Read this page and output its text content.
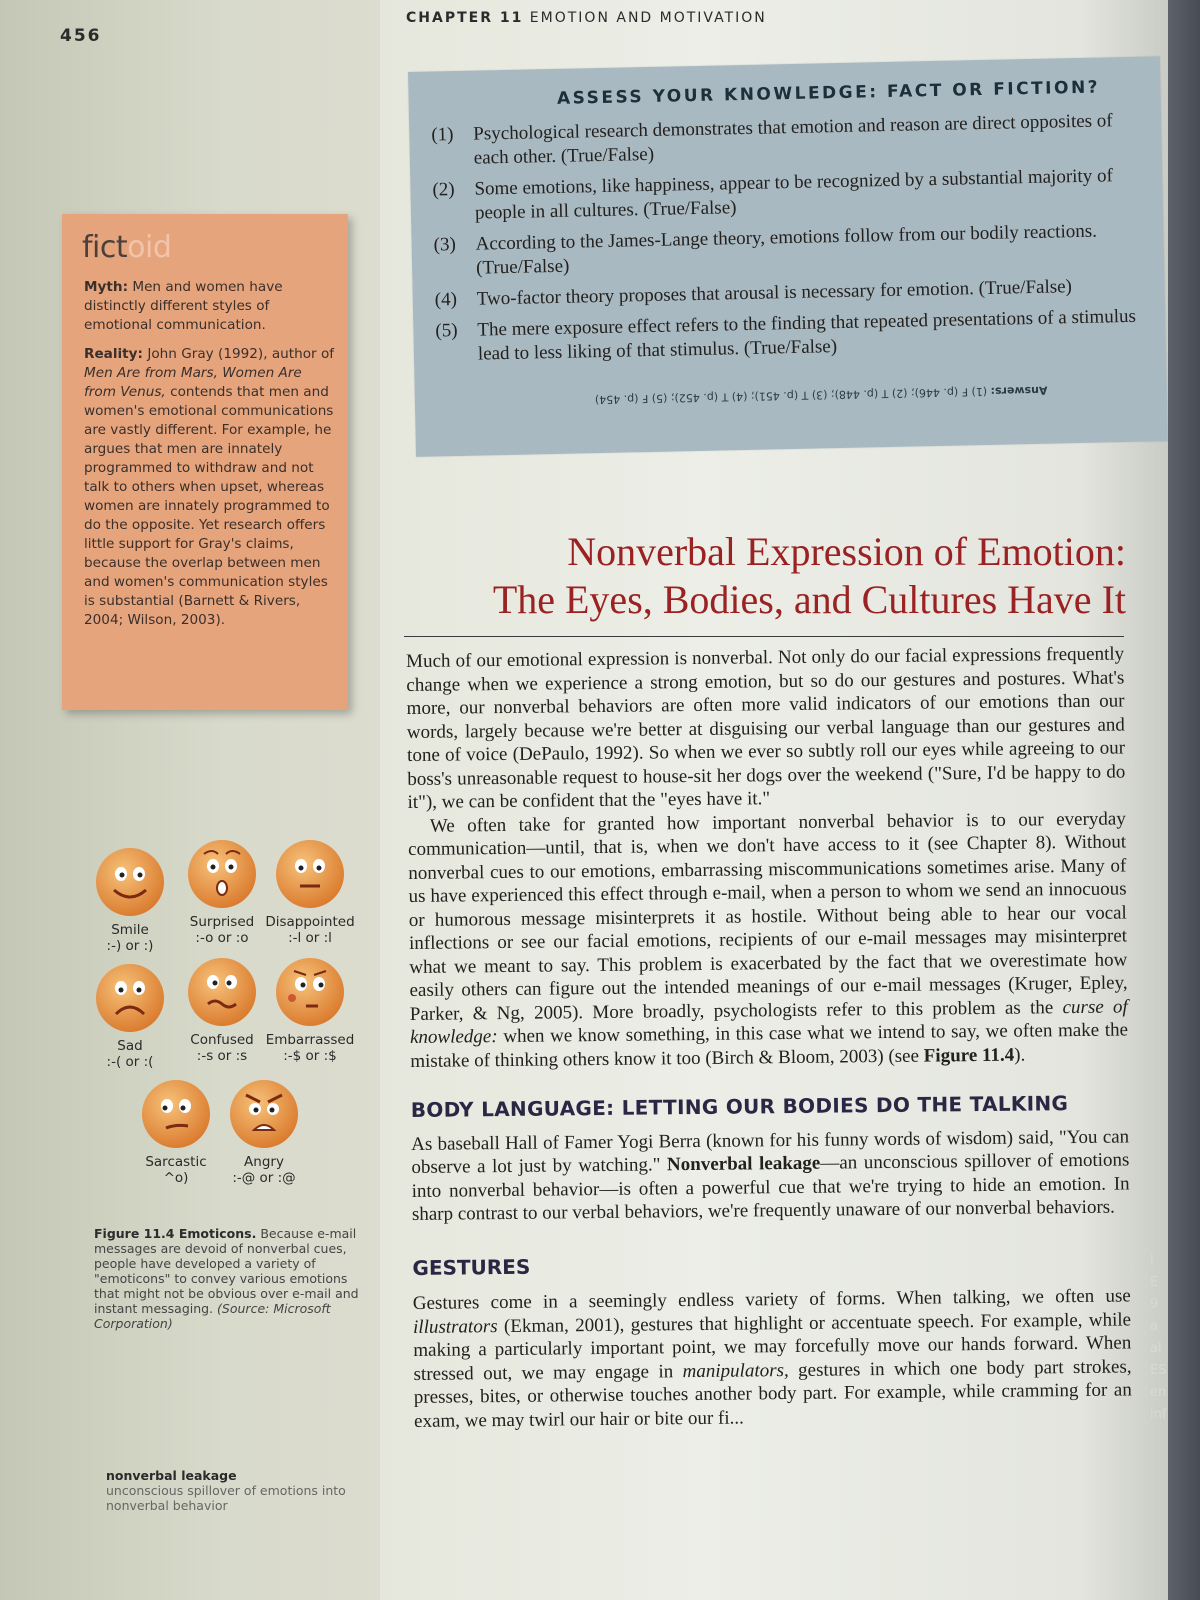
456
CHAPTER 11 EMOTION AND MOTIVATION
ASSESS YOUR KNOWLEDGE: FACT OR FICTION?
(1) Psychological research demonstrates that emotion and reason are direct opposites of each other. (True/False)
(2) Some emotions, like happiness, appear to be recognized by a substantial majority of people in all cultures. (True/False)
(3) According to the James-Lange theory, emotions follow from our bodily reactions. (True/False)
(4) Two-factor theory proposes that arousal is necessary for emotion. (True/False)
(5) The mere exposure effect refers to the finding that repeated presentations of a stimulus lead to less liking of that stimulus. (True/False)
Answers: (1) F (p. 446); (2) T (p. 448); (3) T (p. 451); (4) T (p. 452); (5) F (p. 454)
fictoid

Myth: Men and women have distinctly different styles of emotional communication.

Reality: John Gray (1992), author of Men Are from Mars, Women Are from Venus, contends that men and women's emotional communications are vastly different. For example, he argues that men are innately programmed to withdraw and not talk to others when upset, whereas women are innately programmed to do the opposite. Yet research offers little support for Gray's claims, because the overlap between men and women's communication styles is substantial (Barnett & Rivers, 2004; Wilson, 2003).

Smile
:-) or :)
Surprised
:-o or :o
Disappointed
:-l or :l
Sad
:-( or :(
Confused
:-s or :s
Embarrassed
:-$ or :$
Sarcastic
^o)
Angry
:-@ or :@
Figure 11.4 Emoticons. Because e-mail messages are devoid of nonverbal cues, people have developed a variety of "emoticons" to convey various emotions that might not be obvious over e-mail and instant messaging. (Source: Microsoft Corporation)
nonverbal leakage
unconscious spillover of emotions into nonverbal behavior
Nonverbal Expression of Emotion:
The Eyes, Bodies, and Cultures Have It

Much of our emotional expression is nonverbal. Not only do our facial expressions frequently change when we experience a strong emotion, but so do our gestures and postures. What's more, our nonverbal behaviors are often more valid indicators of our emotions than our words, largely because we're better at disguising our verbal language than our gestures and tone of voice (DePaulo, 1992). So when we ever so subtly roll our eyes while agreeing to our boss's unreasonable request to house-sit her dogs over the weekend ("Sure, I'd be happy to do it"), we can be confident that the "eyes have it."

We often take for granted how important nonverbal behavior is to our everyday communication—until, that is, when we don't have access to it (see Chapter 8). Without nonverbal cues to our emotions, embarrassing miscommunications sometimes arise. Many of us have experienced this effect through e-mail, when a person to whom we send an innocuous or humorous message misinterprets it as hostile. Without being able to hear our vocal inflections or see our facial emotions, recipients of our e-mail messages may misinterpret what we meant to say. This problem is exacerbated by the fact that we overestimate how easily others can figure out the intended meanings of our e-mail messages (Kruger, Epley, Parker, & Ng, 2005). More broadly, psychologists refer to this problem as the curse of knowledge: when we know something, in this case what we intend to say, we often make the mistake of thinking others know it too (Birch & Bloom, 2003) (see Figure 11.4).

BODY LANGUAGE: LETTING OUR BODIES DO THE TALKING

As baseball Hall of Famer Yogi Berra (known for his funny words of wisdom) said, "You can observe a lot just by watching." Nonverbal leakage—an unconscious spillover of emotions into nonverbal behavior—is often a powerful cue that we're trying to hide an emotion. In sharp contrast to our verbal behaviors, we're frequently unaware of our nonverbal behaviors.

GESTURES

Gestures come in a seemingly endless variety of forms. When talking, we often use illustrators (Ekman, 2001), gestures that highlight or accentuate speech. For example, while making a particularly important point, we may forcefully move our hands forward. When stressed out, we may engage in manipulators, gestures in which one body part strokes, presses, bites, or otherwise touches another body part. For example, while cramming for an exam, we may twirl our hair or bite our fi...

l
E
9
a
al
ES
en
inf
